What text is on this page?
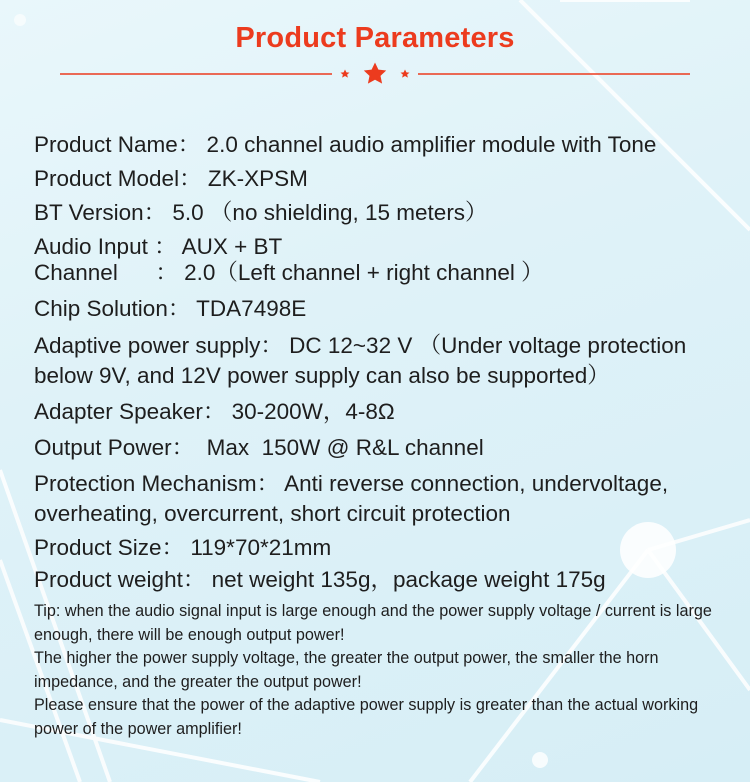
Product Parameters
Product Name： 2.0 channel audio amplifier module with Tone
Product Model： ZK-XPSM
BT Version： 5.0 （no shielding, 15 meters）
Audio Input ： AUX + BT
Channel      ： 2.0（Left channel + right channel ）
Chip Solution： TDA7498E
Adaptive power supply： DC 12~32 V （Under voltage protection below 9V, and 12V power supply can also be supported）
Adapter Speaker： 30-200W，4-8Ω
Output Power：  Max  150W @ R&L channel
Protection Mechanism： Anti reverse connection, undervoltage, overheating, overcurrent, short circuit protection
Product Size： 119*70*21mm
Product weight： net weight 135g，package weight 175g

Tip: when the audio signal input is large enough and the power supply voltage / current is large enough, there will be enough output power!

The higher the power supply voltage, the greater the output power, the smaller the horn impedance, and the greater the output power!

Please ensure that the power of the adaptive power supply is greater than the actual working power of the power amplifier!
